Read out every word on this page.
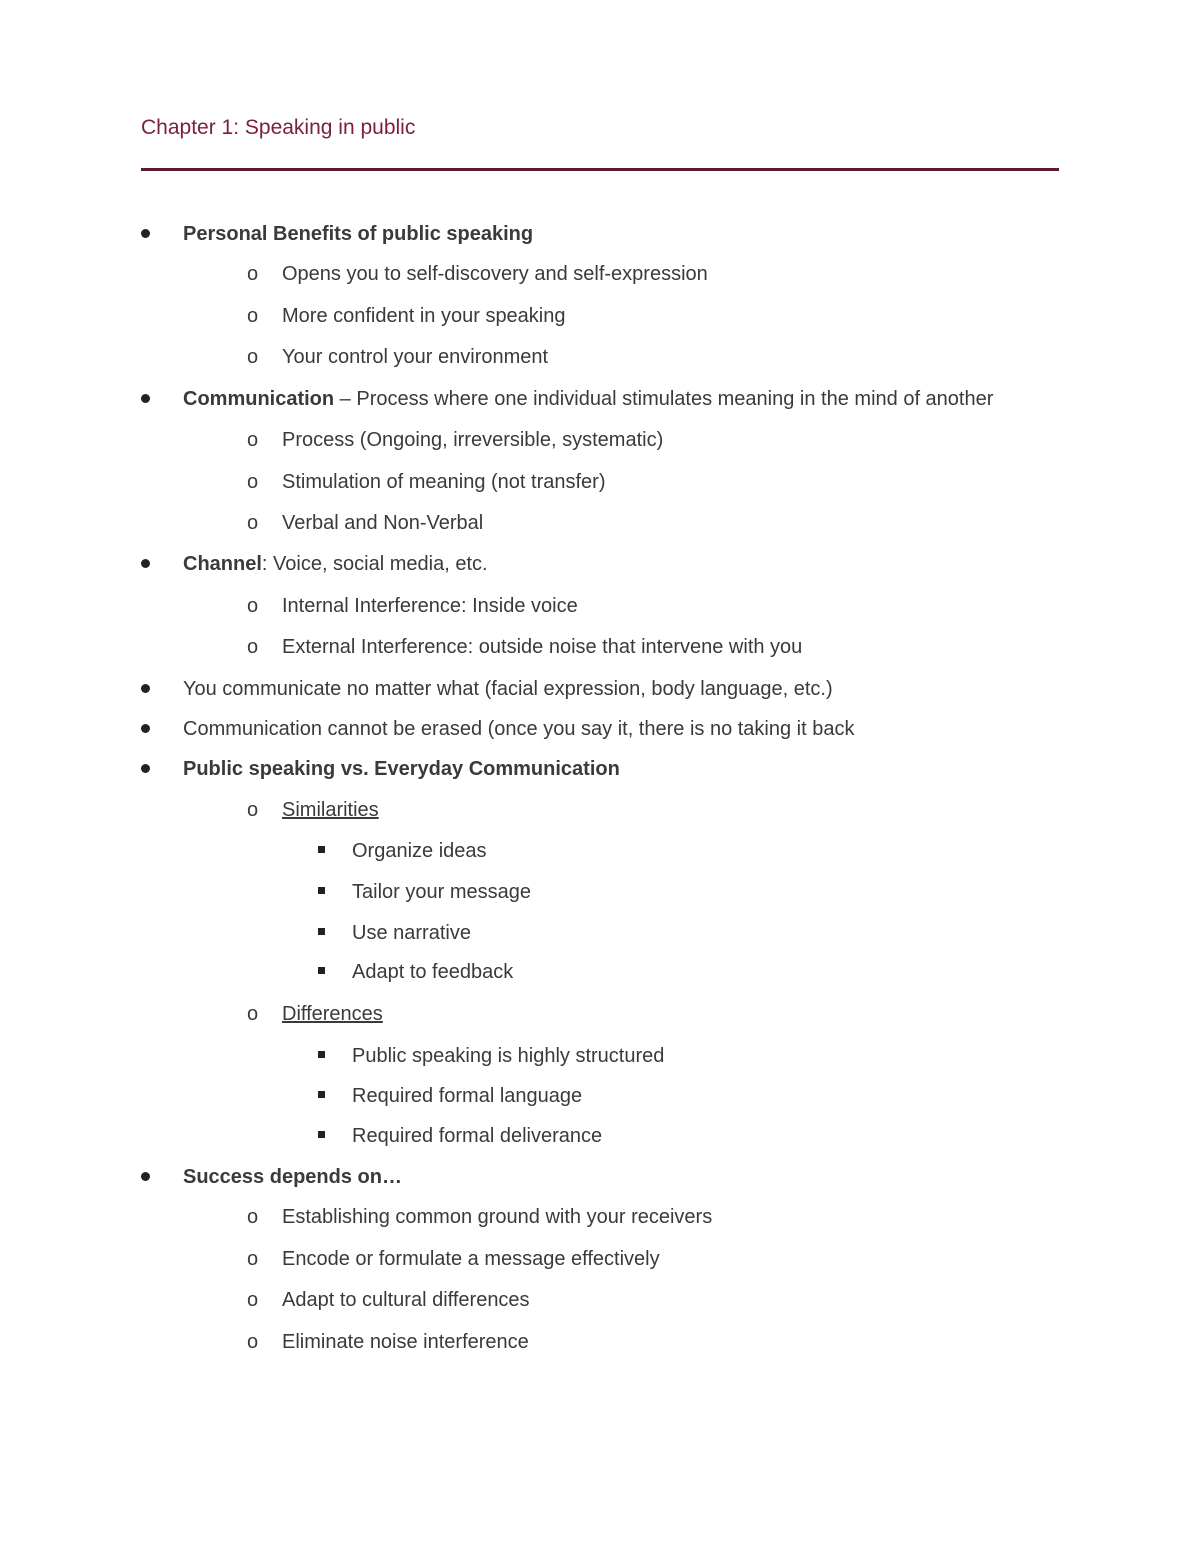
Chapter 1: Speaking in public
Personal Benefits of public speaking
o Opens you to self-discovery and self-expression
o More confident in your speaking
o Your control your environment
Communication – Process where one individual stimulates meaning in the mind of another
o Process (Ongoing, irreversible, systematic)
o Stimulation of meaning (not transfer)
o Verbal and Non-Verbal
Channel: Voice, social media, etc.
o Internal Interference: Inside voice
o External Interference: outside noise that intervene with you
You communicate no matter what (facial expression, body language, etc.)
Communication cannot be erased (once you say it, there is no taking it back
Public speaking vs. Everyday Communication
o Similarities
Organize ideas
Tailor your message
Use narrative
Adapt to feedback
o Differences
Public speaking is highly structured
Required formal language
Required formal deliverance
Success depends on…
o Establishing common ground with your receivers
o Encode or formulate a message effectively
o Adapt to cultural differences
o Eliminate noise interference
